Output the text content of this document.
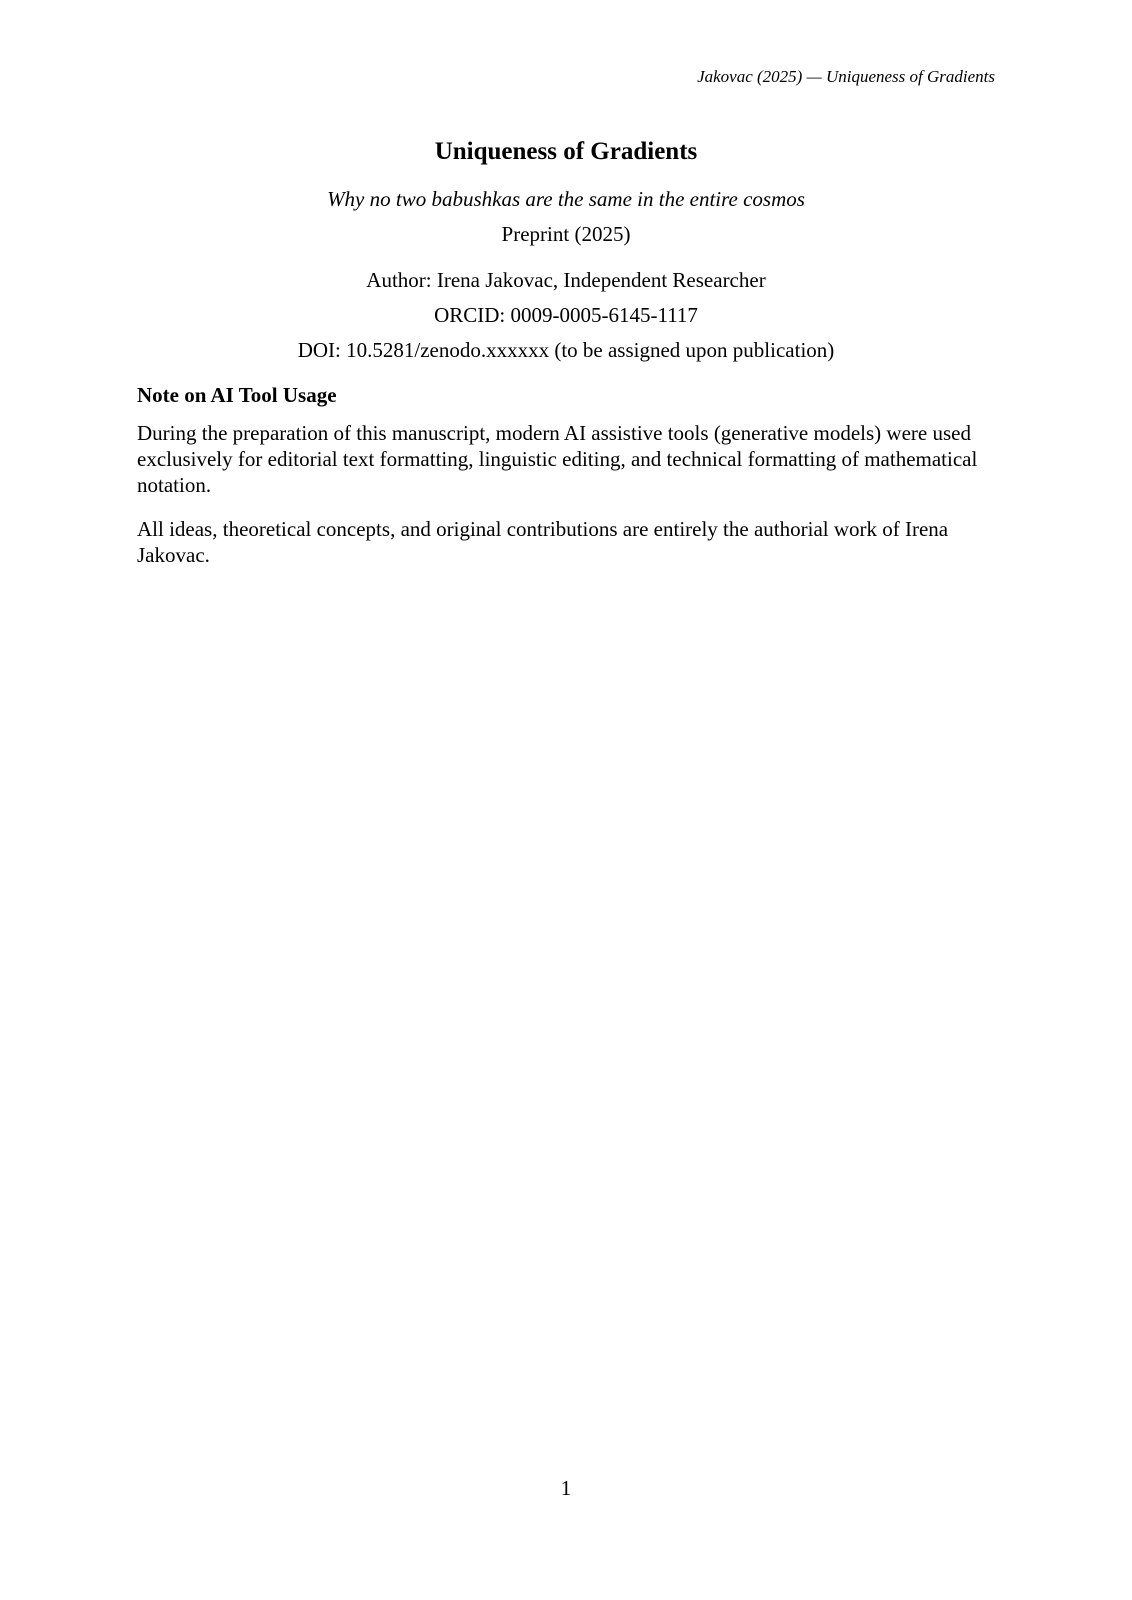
Jakovac (2025) — Uniqueness of Gradients
Uniqueness of Gradients
Why no two babushkas are the same in the entire cosmos
Preprint (2025)
Author: Irena Jakovac, Independent Researcher
ORCID: 0009-0005-6145-1117
DOI: 10.5281/zenodo.xxxxxx (to be assigned upon publication)
Note on AI Tool Usage

During the preparation of this manuscript, modern AI assistive tools (generative models) were used exclusively for editorial text formatting, linguistic editing, and technical formatting of mathematical notation.

All ideas, theoretical concepts, and original contributions are entirely the authorial work of Irena Jakovac.

1
